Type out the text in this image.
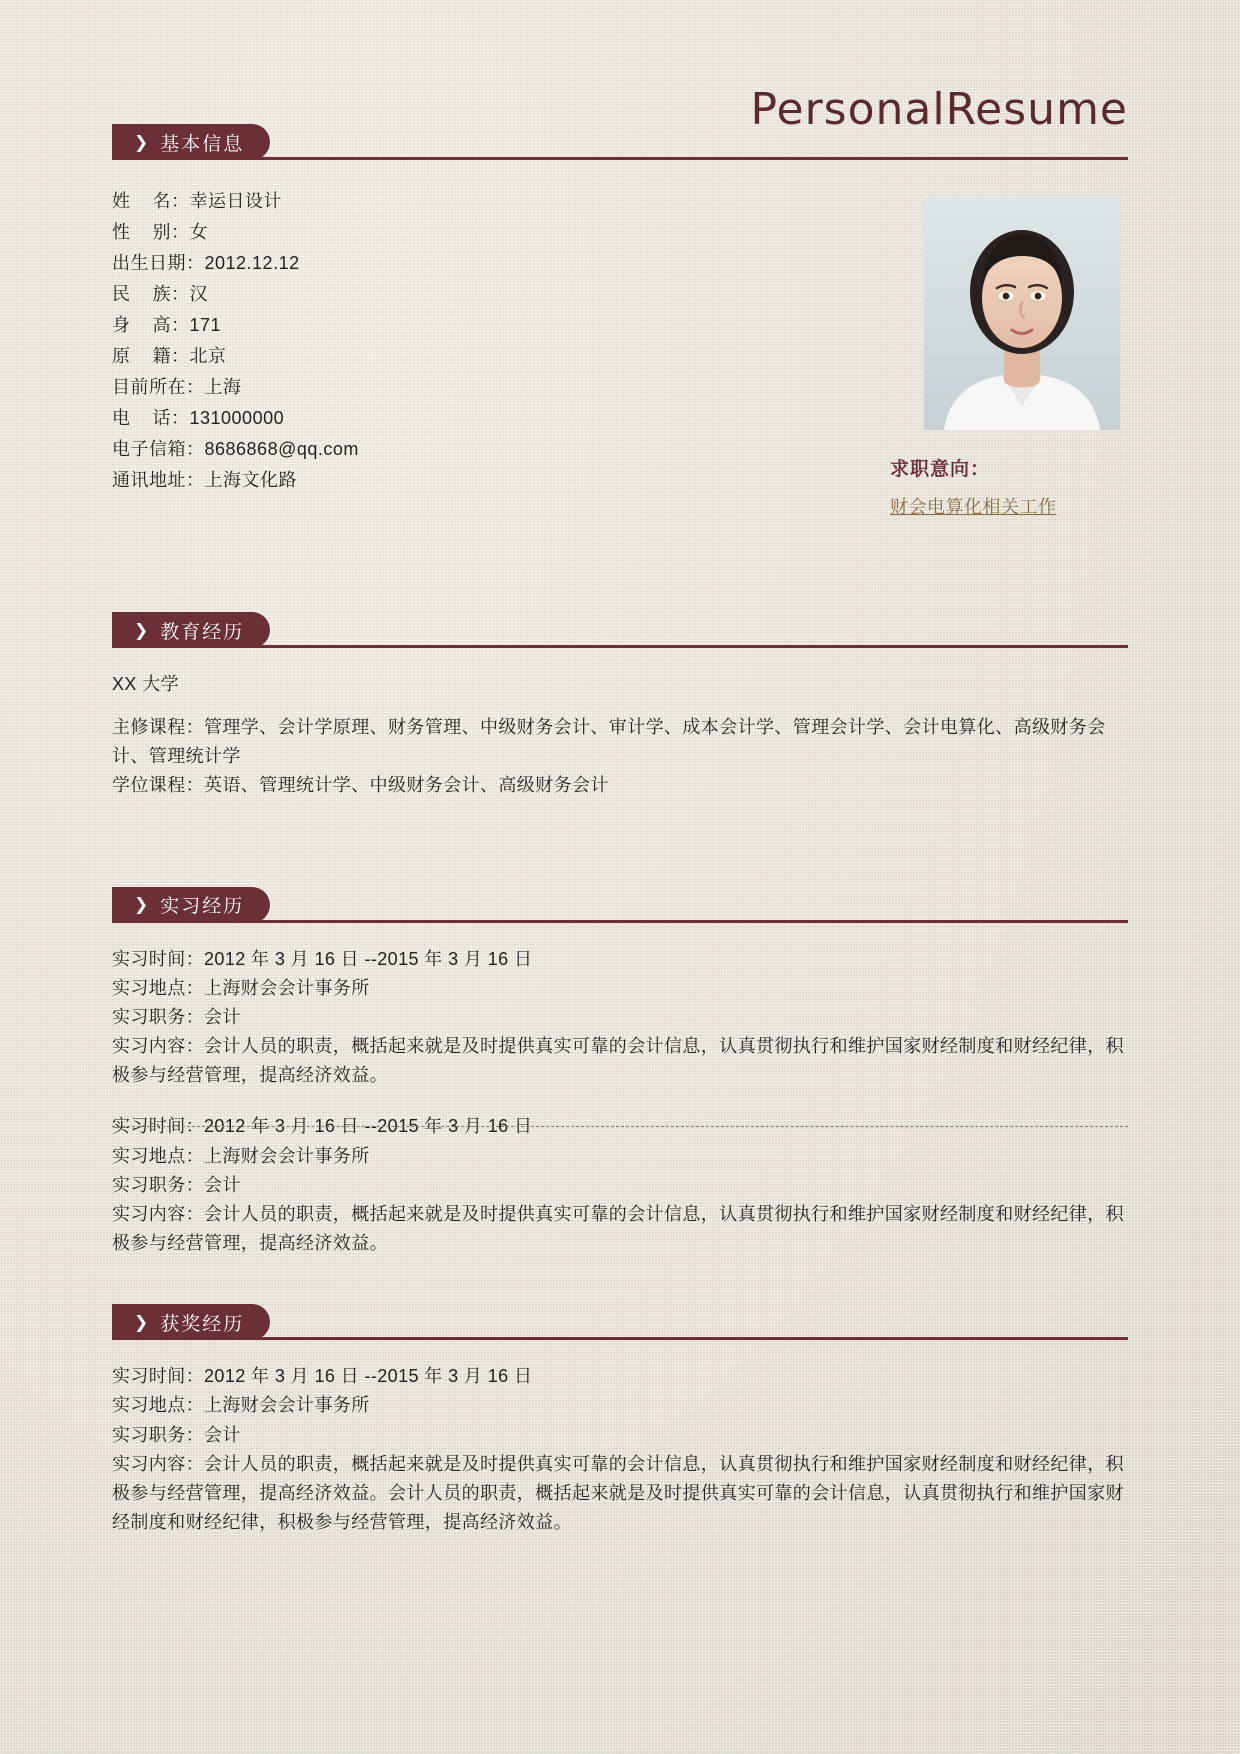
PersonalResume
❯ 基本信息
姓    名：幸运日设计
性    别：女
出生日期：2012.12.12
民    族：汉
身    高：171
原    籍：北京
目前所在：上海
电    话：131000000
电子信箱：8686868@qq.com
通讯地址：上海文化路	求职意向：
财会电算化相关工作
❯ 教育经历

XX 大学

主修课程：管理学、会计学原理、财务管理、中级财务会计、审计学、成本会计学、管理会计学、会计电算化、高级财务会计、管理统计学

学位课程：英语、管理统计学、中级财务会计、高级财务会计

❯ 实习经历

实习时间：2012 年 3 月 16 日 --2015 年 3 月 16 日

实习地点：上海财会会计事务所

实习职务：会计

实习内容：会计人员的职责，概括起来就是及时提供真实可靠的会计信息，认真贯彻执行和维护国家财经制度和财经纪律，积极参与经营管理，提高经济效益。

实习时间：2012 年 3 月 16 日 --2015 年 3 月 16 日

实习地点：上海财会会计事务所

实习职务：会计

实习内容：会计人员的职责，概括起来就是及时提供真实可靠的会计信息，认真贯彻执行和维护国家财经制度和财经纪律，积极参与经营管理，提高经济效益。

❯ 获奖经历

实习时间：2012 年 3 月 16 日 --2015 年 3 月 16 日

实习地点：上海财会会计事务所

实习职务：会计

实习内容：会计人员的职责，概括起来就是及时提供真实可靠的会计信息，认真贯彻执行和维护国家财经制度和财经纪律，积极参与经营管理，提高经济效益。会计人员的职责，概括起来就是及时提供真实可靠的会计信息，认真贯彻执行和维护国家财经制度和财经纪律，积极参与经营管理，提高经济效益。
